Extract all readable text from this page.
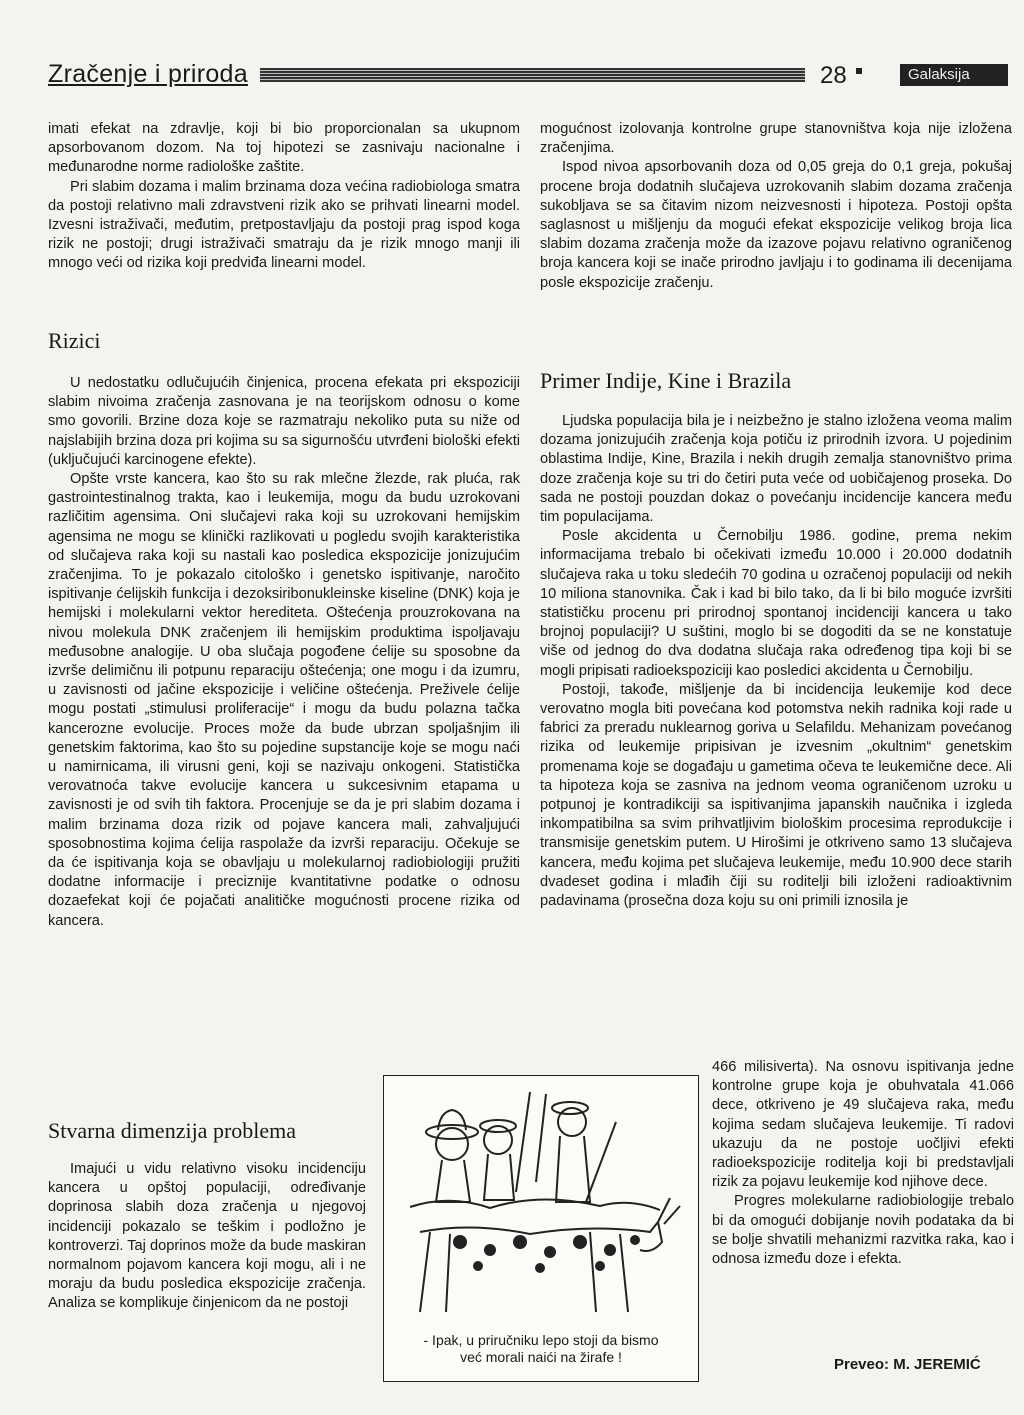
Zračenje i priroda	28	Galaksija

imati efekat na zdravlje, koji bi bio proporcionalan sa ukupnom apsorbovanom dozom. Na toj hipotezi se zasnivaju nacionalne i međunarodne norme radiološke zaštite.

Pri slabim dozama i malim brzinama doza većina radiobiologa smatra da postoji relativno mali zdravstveni rizik ako se prihvati linearni model. Izvesni istraživači, međutim, pretpostavljaju da postoji prag ispod koga rizik ne postoji; drugi istraživači smatraju da je rizik mnogo manji ili mnogo veći od rizika koji predviđa linearni model.

Rizici

U nedostatku odlučujućih činjenica, procena efekata pri ekspoziciji slabim nivoima zračenja zasnovana je na teorijskom odnosu o kome smo govorili. Brzine doza koje se razmatraju nekoliko puta su niže od najslabijih brzina doza pri kojima su sa sigurnošću utvrđeni biološki efekti (uključujući karcinogene efekte).

Opšte vrste kancera, kao što su rak mlečne žlezde, rak pluća, rak gastrointestinalnog trakta, kao i leukemija, mogu da budu uzrokovani različitim agensima. Oni slučajevi raka koji su uzrokovani hemijskim agensima ne mogu se klinički razlikovati u pogledu svojih karakteristika od slučajeva raka koji su nastali kao posledica ekspozicije jonizujućim zračenjima. To je pokazalo citološko i genetsko ispitivanje, naročito ispitivanje ćelijskih funkcija i dezoksiribonukleinske kiseline (DNK) koja je hemijski i molekularni vektor herediteta. Oštećenja prouzrokovana na nivou molekula DNK zračenjem ili hemijskim produktima ispoljavaju međusobne analogije. U oba slučaja pogođene ćelije su sposobne da izvrše delimičnu ili potpunu reparaciju oštećenja; one mogu i da izumru, u zavisnosti od jačine ekspozicije i veličine oštećenja. Preživele ćelije mogu postati „stimulusi proliferacije“ i mogu da budu polazna tačka kancerozne evolucije. Proces može da bude ubrzan spoljašnjim ili genetskim faktorima, kao što su pojedine supstancije koje se mogu naći u namirnicama, ili virusni geni, koji se nazivaju onkogeni. Statistička verovatnoća takve evolucije kancera u sukcesivnim etapama u zavisnosti je od svih tih faktora. Procenjuje se da je pri slabim dozama i malim brzinama doza rizik od pojave kancera mali, zahvaljujući sposobnostima kojima ćelija raspolaže da izvrši reparaciju. Očekuje se da će ispitivanja koja se obavljaju u molekularnoj radiobiologiji pružiti dodatne informacije i preciznije kvantitativne podatke o odnosu dozaefekat koji će pojačati analitičke mogućnosti procene rizika od kancera.

Stvarna dimenzija problema

Imajući u vidu relativno visoku incidenciju kancera u opštoj populaciji, određivanje doprinosa slabih doza zračenja u njegovoj incidenciji pokazalo se teškim i podložno je kontroverzi. Taj doprinos može da bude maskiran normalnom pojavom kancera koji mogu, ali i ne moraju da budu posledica ekspozicije zračenja. Analiza se komplikuje činjenicom da ne postoji

mogućnost izolovanja kontrolne grupe stanovništva koja nije izložena zračenjima.

Ispod nivoa apsorbovanih doza od 0,05 greja do 0,1 greja, pokušaj procene broja dodatnih slučajeva uzrokovanih slabim dozama zračenja sukobljava se sa čitavim nizom neizvesnosti i hipoteza. Postoji opšta saglasnost u mišljenju da mogući efekat ekspozicije velikog broja lica slabim dozama zračenja može da izazove pojavu relativno ograničenog broja kancera koji se inače prirodno javljaju i to godinama ili decenijama posle ekspozicije zračenju.

Primer Indije, Kine i Brazila

Ljudska populacija bila je i neizbežno je stalno izložena veoma malim dozama jonizujućih zračenja koja potiču iz prirodnih izvora. U pojedinim oblastima Indije, Kine, Brazila i nekih drugih zemalja stanovništvo prima doze zračenja koje su tri do četiri puta veće od uobičajenog proseka. Do sada ne postoji pouzdan dokaz o povećanju incidencije kancera među tim populacijama.

Posle akcidenta u Černobilju 1986. godine, prema nekim informacijama trebalo bi očekivati između 10.000 i 20.000 dodatnih slučajeva raka u toku sledećih 70 godina u ozračenoj populaciji od nekih 10 miliona stanovnika. Čak i kad bi bilo tako, da li bi bilo moguće izvršiti statističku procenu pri prirodnoj spontanoj incidenciji kancera u tako brojnoj populaciji? U suštini, moglo bi se dogoditi da se ne konstatuje više od jednog do dva dodatna slučaja raka određenog tipa koji bi se mogli pripisati radioekspoziciji kao posledici akcidenta u Černobilju.

Postoji, takođe, mišljenje da bi incidencija leukemije kod dece verovatno mogla biti povećana kod potomstva nekih radnika koji rade u fabrici za preradu nuklearnog goriva u Selafildu. Mehanizam povećanog rizika od leukemije pripisivan je izvesnim „okultnim“ genetskim promenama koje se događaju u gametima očeva te leukemične dece. Ali ta hipoteza koja se zasniva na jednom veoma ograničenom uzroku u potpunoj je kontradikciji sa ispitivanjima japanskih naučnika i izgleda inkompatibilna sa svim prihvatljivim biološkim procesima reprodukcije i transmisije genetskim putem. U Hirošimi je otkriveno samo 13 slučajeva kancera, među kojima pet slučajeva leukemije, među 10.900 dece starih dvadeset godina i mlađih čiji su roditelji bili izloženi radioaktivnim padavinama (prosečna doza koju su oni primili iznosila je

466 milisiverta). Na osnovu ispitivanja jedne kontrolne grupe koja je obuhvatala 41.066 dece, otkriveno je 49 slučajeva raka, među kojima sedam slučajeva leukemije. Ti radovi ukazuju da ne postoje uočljivi efekti radioekspozicije roditelja koji bi predstavljali rizik za pojavu leukemije kod njihove dece.

Progres molekularne radiobiologije trebalo bi da omogući dobijanje novih podataka da bi se bolje shvatili mehanizmi razvitka raka, kao i odnosa između doze i efekta.

- Ipak, u priručniku lepo stoji da bismo
već morali naići na žirafe !	Preveo: M. JEREMIĆ
